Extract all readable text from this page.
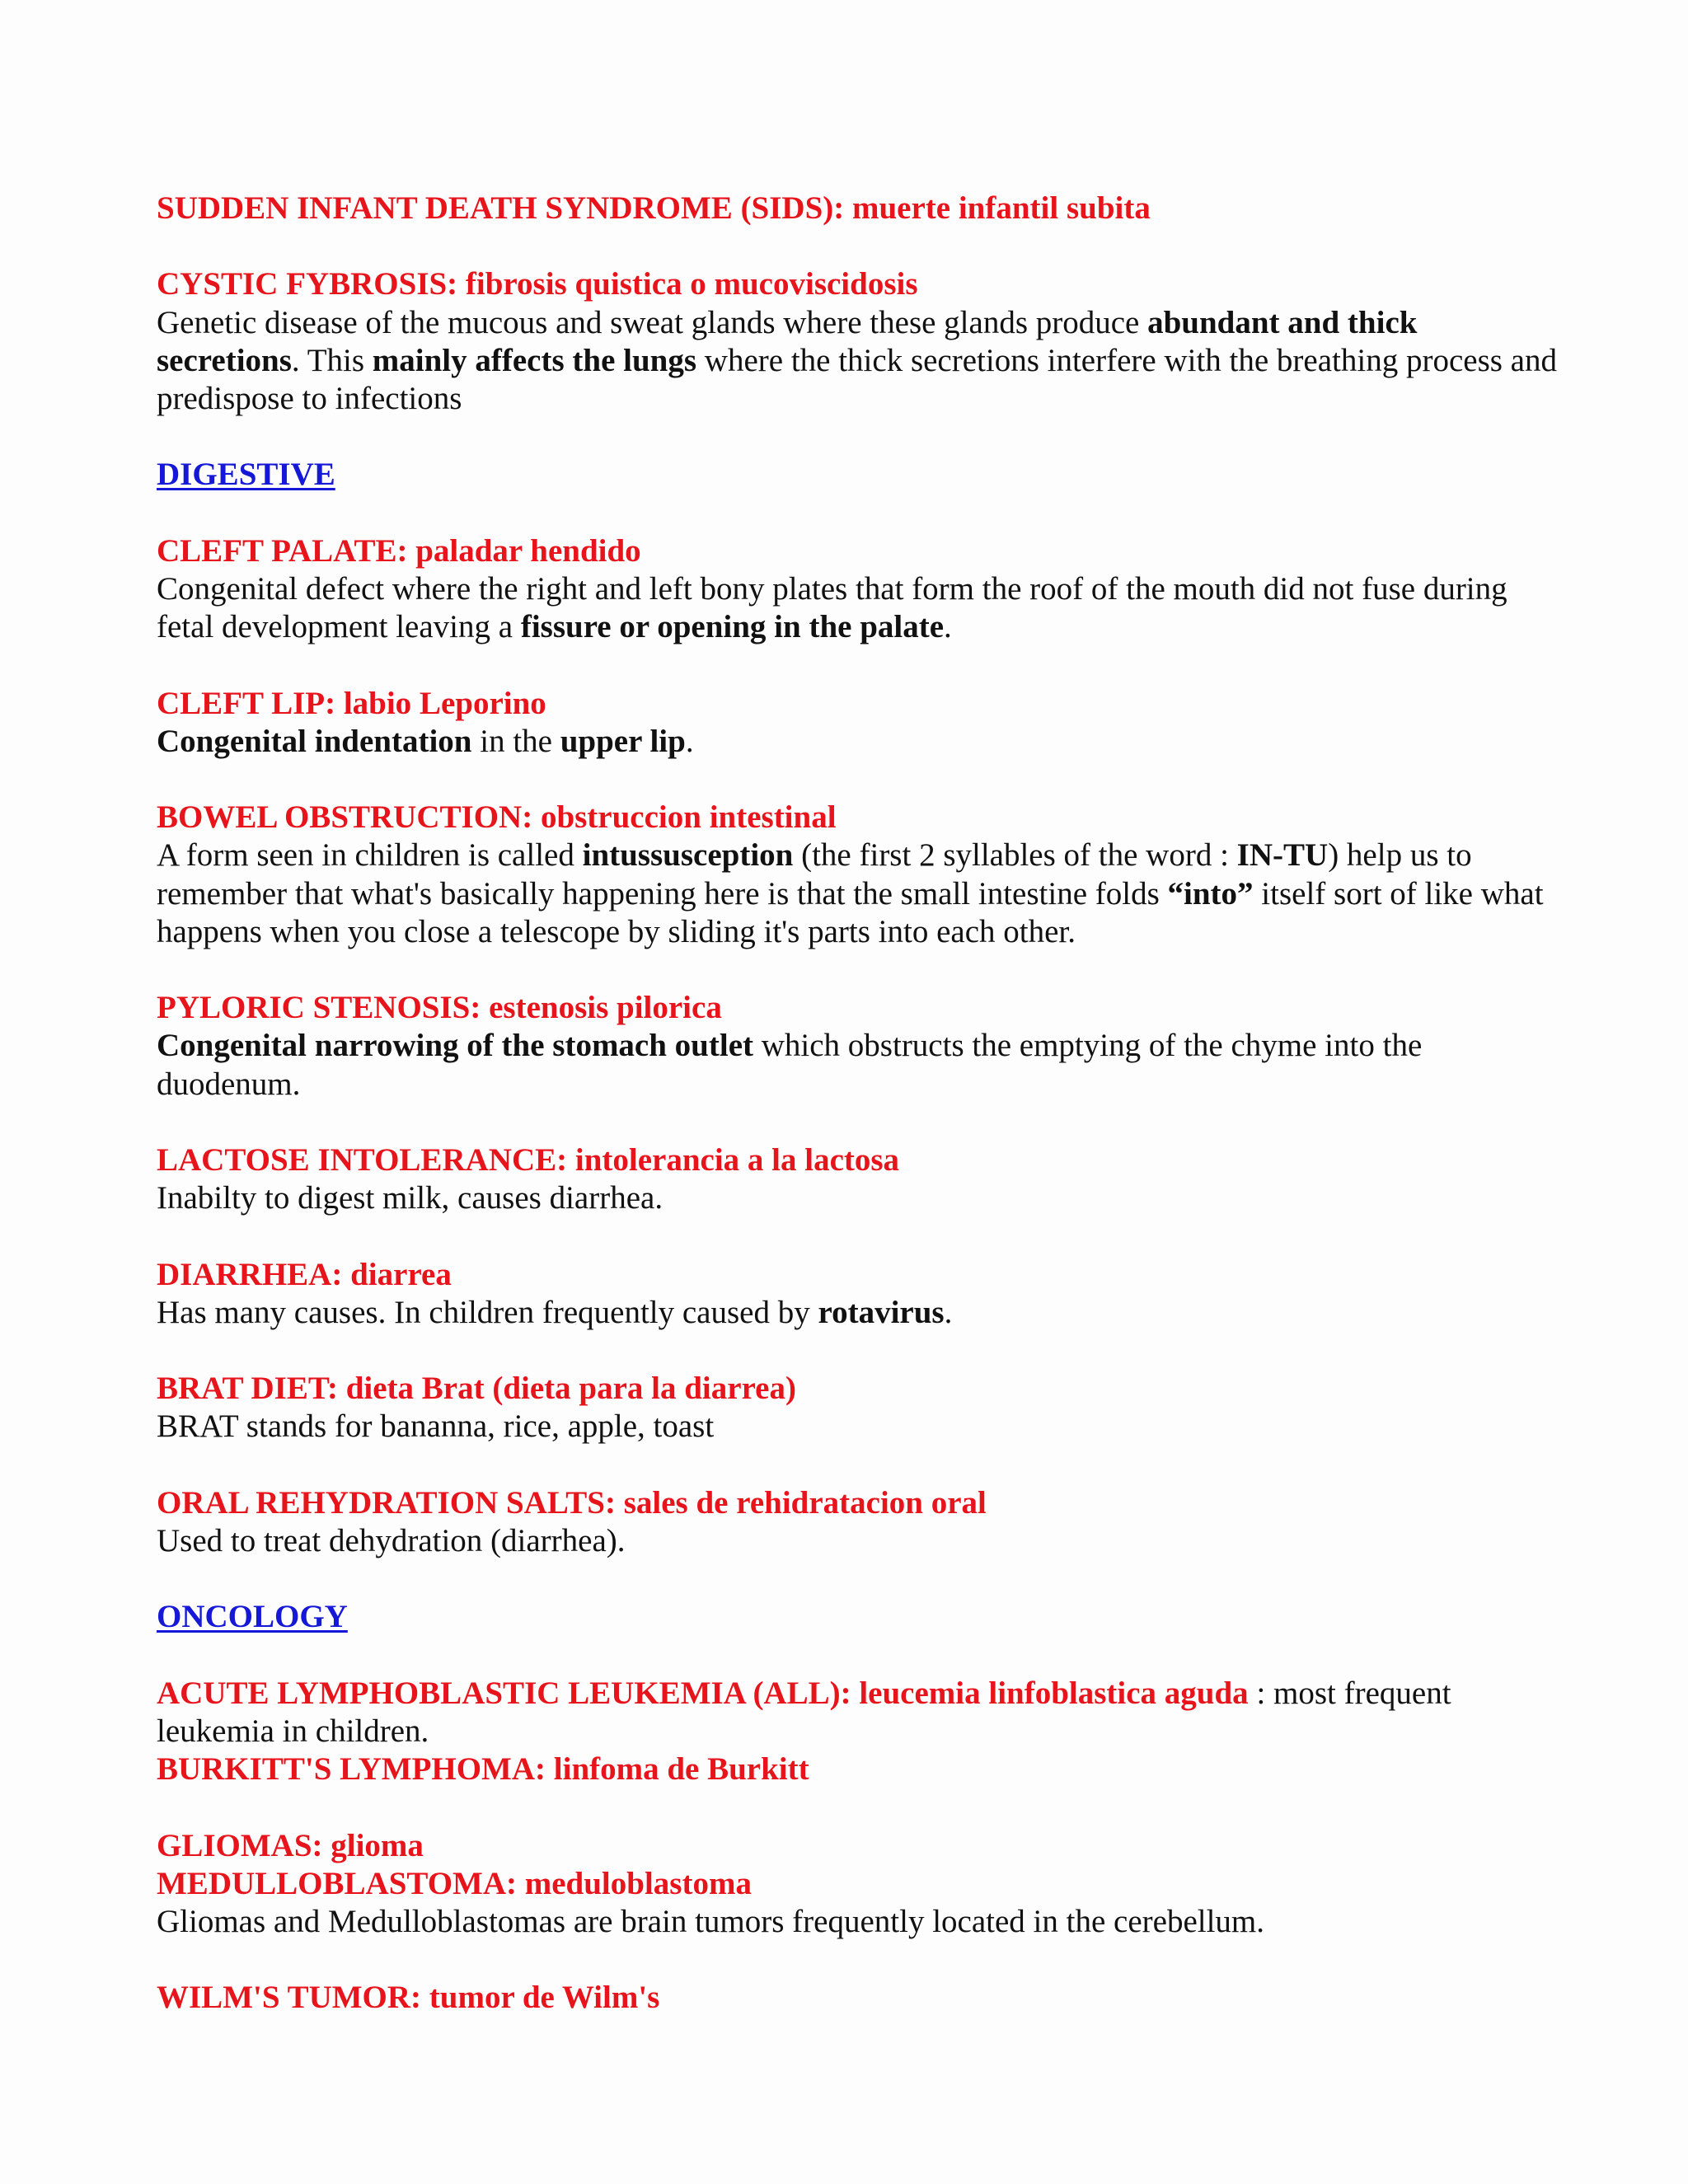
SUDDEN INFANT DEATH SYNDROME (SIDS): muerte infantil subita

CYSTIC FYBROSIS: fibrosis quistica o mucoviscidosis

Genetic disease of the mucous and sweat glands where these glands produce abundant and thick secretions. This mainly affects the lungs where the thick secretions interfere with the breathing process and predispose to infections

DIGESTIVE

CLEFT PALATE: paladar hendido

Congenital defect where the right and left bony plates that form the roof of the mouth did not fuse during fetal development leaving a fissure or opening in the palate.

CLEFT LIP: labio Leporino

Congenital indentation in the upper lip.

BOWEL OBSTRUCTION: obstruccion intestinal

A form seen in children is called intussusception (the first 2 syllables of the word : IN-TU) help us to remember that what's basically happening here is that the small intestine folds “into” itself sort of like what happens when you close a telescope by sliding it's parts into each other.

PYLORIC STENOSIS: estenosis pilorica

Congenital narrowing of the stomach outlet which obstructs the emptying of the chyme into the duodenum.

LACTOSE INTOLERANCE: intolerancia a la lactosa

Inabilty to digest milk, causes diarrhea.

DIARRHEA: diarrea

Has many causes. In children frequently caused by rotavirus.

BRAT DIET: dieta Brat (dieta para la diarrea)

BRAT stands for bananna, rice, apple, toast

ORAL REHYDRATION SALTS: sales de rehidratacion oral

Used to treat dehydration (diarrhea).

ONCOLOGY

ACUTE LYMPHOBLASTIC LEUKEMIA (ALL): leucemia linfoblastica aguda : most frequent leukemia in children.

BURKITT'S LYMPHOMA: linfoma de Burkitt

GLIOMAS: glioma

MEDULLOBLASTOMA: meduloblastoma

Gliomas and Medulloblastomas are brain tumors frequently located in the cerebellum.

WILM'S TUMOR: tumor de Wilm's
